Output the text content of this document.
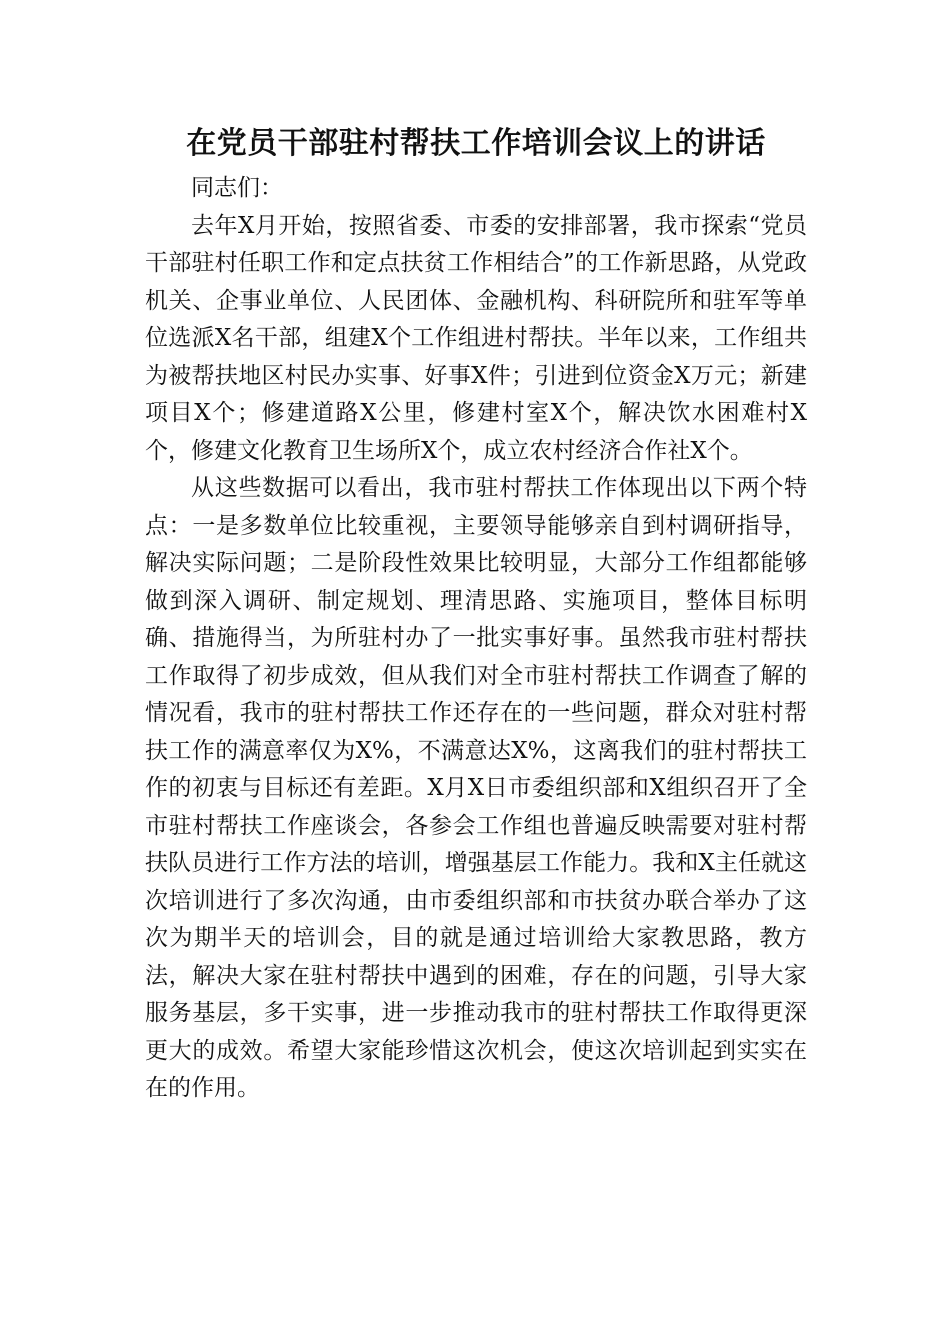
在党员干部驻村帮扶工作培训会议上的讲话

同志们：

去年X月开始，按照省委、市委的安排部署，我市探索“党员干部驻村任职工作和定点扶贫工作相结合”的工作新思路，从党政机关、企事业单位、人民团体、金融机构、科研院所和驻军等单位选派X名干部，组建X个工作组进村帮扶。半年以来，工作组共为被帮扶地区村民办实事、好事X件；引进到位资金X万元；新建项目X个；修建道路X公里，修建村室X个，解决饮水困难村X个，修建文化教育卫生场所X个，成立农村经济合作社X个。

从这些数据可以看出，我市驻村帮扶工作体现出以下两个特点：一是多数单位比较重视，主要领导能够亲自到村调研指导，解决实际问题；二是阶段性效果比较明显，大部分工作组都能够做到深入调研、制定规划、理清思路、实施项目，整体目标明确、措施得当，为所驻村办了一批实事好事。虽然我市驻村帮扶工作取得了初步成效，但从我们对全市驻村帮扶工作调查了解的情况看，我市的驻村帮扶工作还存在的一些问题，群众对驻村帮扶工作的满意率仅为X%，不满意达X%，这离我们的驻村帮扶工作的初衷与目标还有差距。X月X日市委组织部和X组织召开了全市驻村帮扶工作座谈会，各参会工作组也普遍反映需要对驻村帮扶队员进行工作方法的培训，增强基层工作能力。我和X主任就这次培训进行了多次沟通，由市委组织部和市扶贫办联合举办了这次为期半天的培训会，目的就是通过培训给大家教思路，教方法，解决大家在驻村帮扶中遇到的困难，存在的问题，引导大家服务基层，多干实事，进一步推动我市的驻村帮扶工作取得更深更大的成效。希望大家能珍惜这次机会，使这次培训起到实实在在的作用。
